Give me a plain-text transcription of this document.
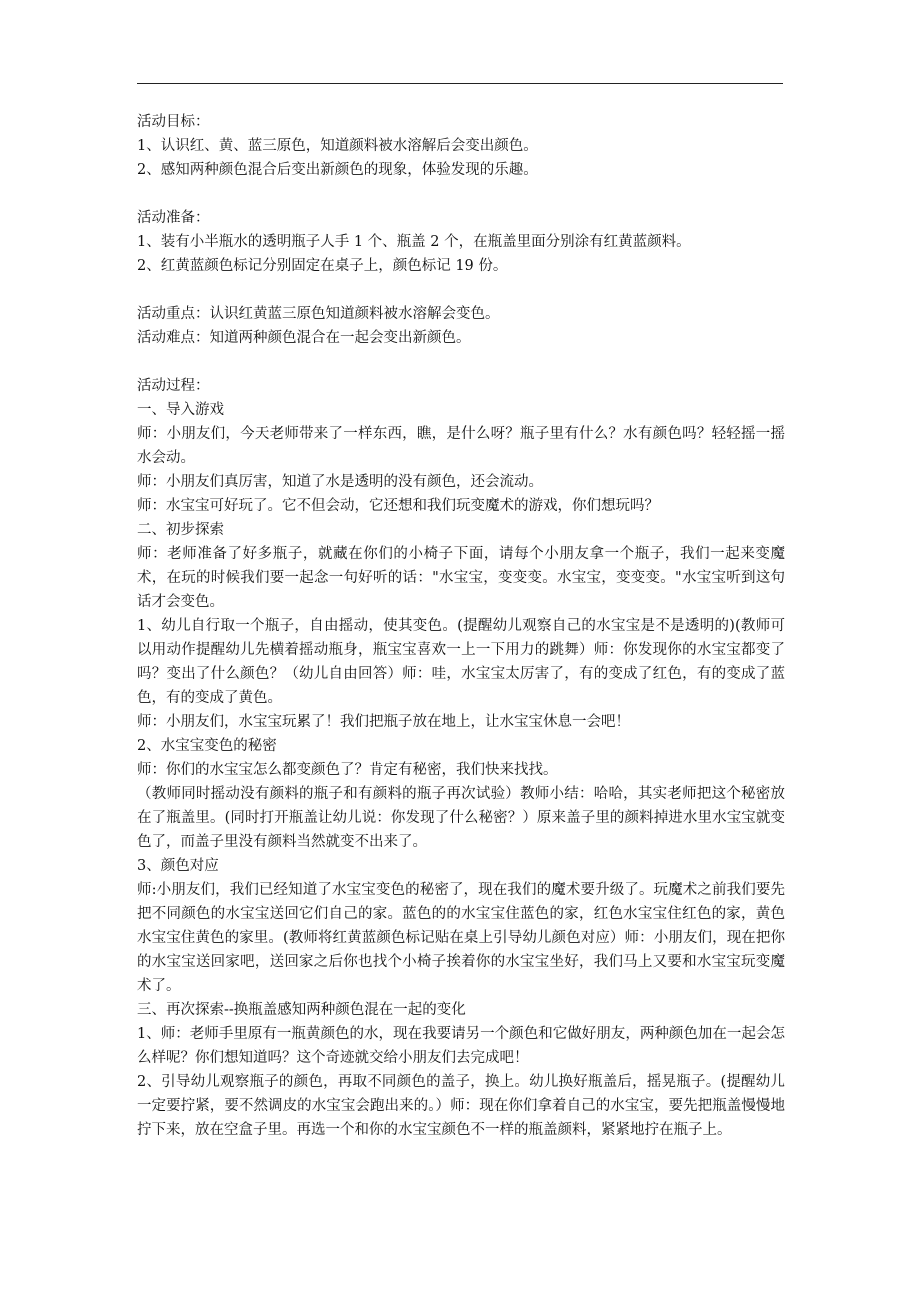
活动目标：

1、认识红、黄、蓝三原色，知道颜料被水溶解后会变出颜色。

2、感知两种颜色混合后变出新颜色的现象，体验发现的乐趣。

活动准备：

1、装有小半瓶水的透明瓶子人手 1 个、瓶盖 2 个，在瓶盖里面分别涂有红黄蓝颜料。

2、红黄蓝颜色标记分别固定在桌子上，颜色标记 19 份。

活动重点：认识红黄蓝三原色知道颜料被水溶解会变色。

活动难点：知道两种颜色混合在一起会变出新颜色。

活动过程：

一、导入游戏

师：小朋友们，今天老师带来了一样东西，瞧，是什么呀？瓶子里有什么？水有颜色吗？轻轻摇一摇水会动。

师：小朋友们真厉害，知道了水是透明的没有颜色，还会流动。

师：水宝宝可好玩了。它不但会动，它还想和我们玩变魔术的游戏，你们想玩吗？

二、初步探索

师：老师准备了好多瓶子，就藏在你们的小椅子下面，请每个小朋友拿一个瓶子，我们一起来变魔术，在玩的时候我们要一起念一句好听的话："水宝宝，变变变。水宝宝，变变变。"水宝宝听到这句话才会变色。

1、幼儿自行取一个瓶子，自由摇动，使其变色。(提醒幼儿观察自己的水宝宝是不是透明的)(教师可以用动作提醒幼儿先横着摇动瓶身，瓶宝宝喜欢一上一下用力的跳舞）师：你发现你的水宝宝都变了吗？变出了什么颜色？（幼儿自由回答）师：哇，水宝宝太厉害了，有的变成了红色，有的变成了蓝色，有的变成了黄色。

师：小朋友们，水宝宝玩累了！我们把瓶子放在地上，让水宝宝休息一会吧！

2、水宝宝变色的秘密

师：你们的水宝宝怎么都变颜色了？肯定有秘密，我们快来找找。

（教师同时摇动没有颜料的瓶子和有颜料的瓶子再次试验）教师小结：哈哈，其实老师把这个秘密放在了瓶盖里。(同时打开瓶盖让幼儿说：你发现了什么秘密？）原来盖子里的颜料掉进水里水宝宝就变色了，而盖子里没有颜料当然就变不出来了。

3、颜色对应

师:小朋友们，我们已经知道了水宝宝变色的秘密了，现在我们的魔术要升级了。玩魔术之前我们要先把不同颜色的水宝宝送回它们自己的家。蓝色的的水宝宝住蓝色的家，红色水宝宝住红色的家，黄色水宝宝住黄色的家里。(教师将红黄蓝颜色标记贴在桌上引导幼儿颜色对应）师：小朋友们，现在把你的水宝宝送回家吧，送回家之后你也找个小椅子挨着你的水宝宝坐好，我们马上又要和水宝宝玩变魔术了。

三、再次探索--换瓶盖感知两种颜色混在一起的变化

1、师：老师手里原有一瓶黄颜色的水，现在我要请另一个颜色和它做好朋友，两种颜色加在一起会怎么样呢？你们想知道吗？这个奇迹就交给小朋友们去完成吧！

2、引导幼儿观察瓶子的颜色，再取不同颜色的盖子，换上。幼儿换好瓶盖后，摇晃瓶子。(提醒幼儿一定要拧紧，要不然调皮的水宝宝会跑出来的。）师：现在你们拿着自己的水宝宝，要先把瓶盖慢慢地拧下来，放在空盒子里。再选一个和你的水宝宝颜色不一样的瓶盖颜料，紧紧地拧在瓶子上。
